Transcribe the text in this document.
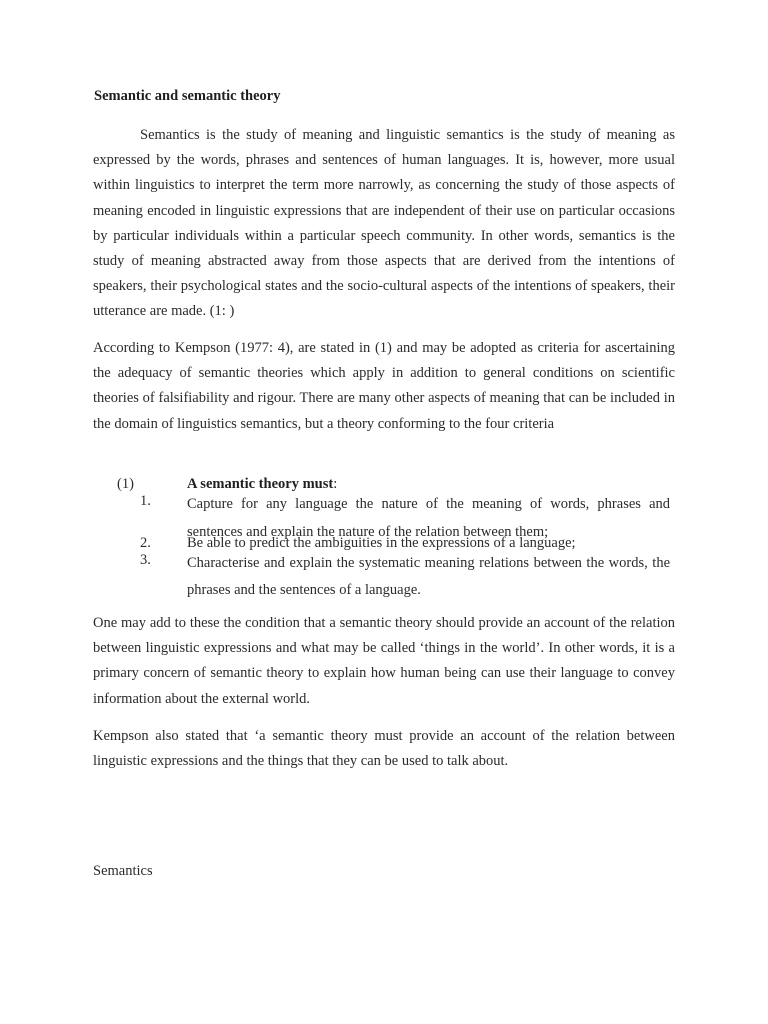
Semantic and semantic theory

Semantics is the study of meaning and linguistic semantics is the study of meaning as expressed by the words, phrases and sentences of human languages. It is, however, more usual within linguistics to interpret the term more narrowly, as concerning the study of those aspects of meaning encoded in linguistic expressions that are independent of their use on particular occasions by particular individuals within a particular speech community. In other words, semantics is the study of meaning abstracted away from those aspects that are derived from the intentions of speakers, their psychological states and the socio-cultural aspects of the intentions of speakers, their utterance are made. (1: )

According to Kempson (1977: 4), are stated in (1) and may be adopted as criteria for ascertaining the adequacy of semantic theories which apply in addition to general conditions on scientific theories of falsifiability and rigour. There are many other aspects of meaning that can be included in the domain of linguistics semantics, but a theory conforming to the four criteria

(1)	A semantic theory must:
1. Capture for any language the nature of the meaning of words, phrases and sentences and explain the nature of the relation between them;

2. Be able to predict the ambiguities in the expressions of a language;

3. Characterise and explain the systematic meaning relations between the words, the phrases and the sentences of a language.

One may add to these the condition that a semantic theory should provide an account of the relation between linguistic expressions and what may be called ‘things in the world’. In other words, it is a primary concern of semantic theory to explain how human being can use their language to convey information about the external world.

Kempson also stated that ‘a semantic theory must provide an account of the relation between linguistic expressions and the things that they can be used to talk about.

Semantics
